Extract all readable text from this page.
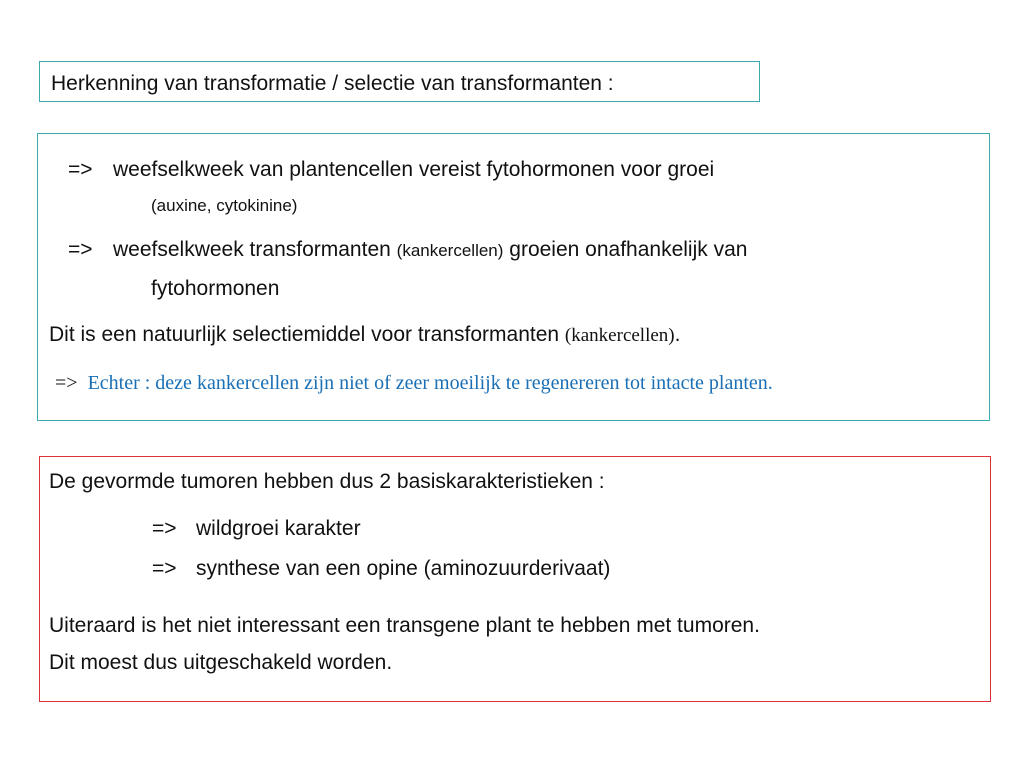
Herkenning van transformatie / selectie van transformanten :
=> weefselkweek van plantencellen vereist fytohormonen voor groei
(auxine, cytokinine)
=> weefselkweek transformanten (kankercellen) groeien onafhankelijk van
fytohormonen
Dit is een natuurlijk selectiemiddel voor transformanten (kankercellen).
=> Echter : deze kankercellen zijn niet of zeer moeilijk te regenereren tot intacte planten.
De gevormde tumoren hebben dus 2 basiskarakteristieken :
=> wildgroei karakter
=> synthese van een opine (aminozuurderivaat)
Uiteraard is het niet interessant een transgene plant te hebben met tumoren.
Dit moest dus uitgeschakeld worden.
